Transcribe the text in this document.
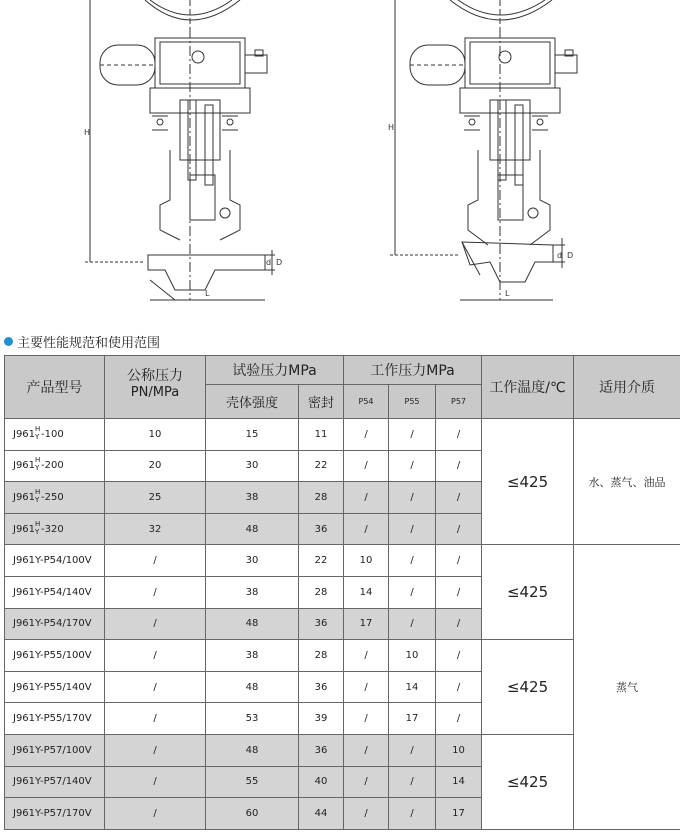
H
L
d D
H
L
d D
主要性能规范和使用范围
产品型号	公称压力	试验压力MPa		工作压力MPa			工作温度/℃	适用介质
	PN/MPa	壳体强度	密封	P54	P55	P57		
J961 H
Y -100	10	15	11	/	/	/	≤425	水、蒸气、油品
J961 H
Y -200	20	30	22	/	/	/		
J961 H
Y -250	25	38	28	/	/	/		
J961 H
Y -320	32	48	36	/	/	/		
J961Y-P54/100V	/	30	22	10	/	/	≤425	蒸气
J961Y-P54/140V	/	38	28	14	/	/		
J961Y-P54/170V	/	48	36	17	/	/		
J961Y-P55/100V	/	38	28	/	10	/	≤425	
J961Y-P55/140V	/	48	36	/	14	/		
J961Y-P55/170V	/	53	39	/	17	/		
J961Y-P57/100V	/	48	36	/	/	10	≤425	
J961Y-P57/140V	/	55	40	/	/	14		
J961Y-P57/170V	/	60	44	/	/	17		
